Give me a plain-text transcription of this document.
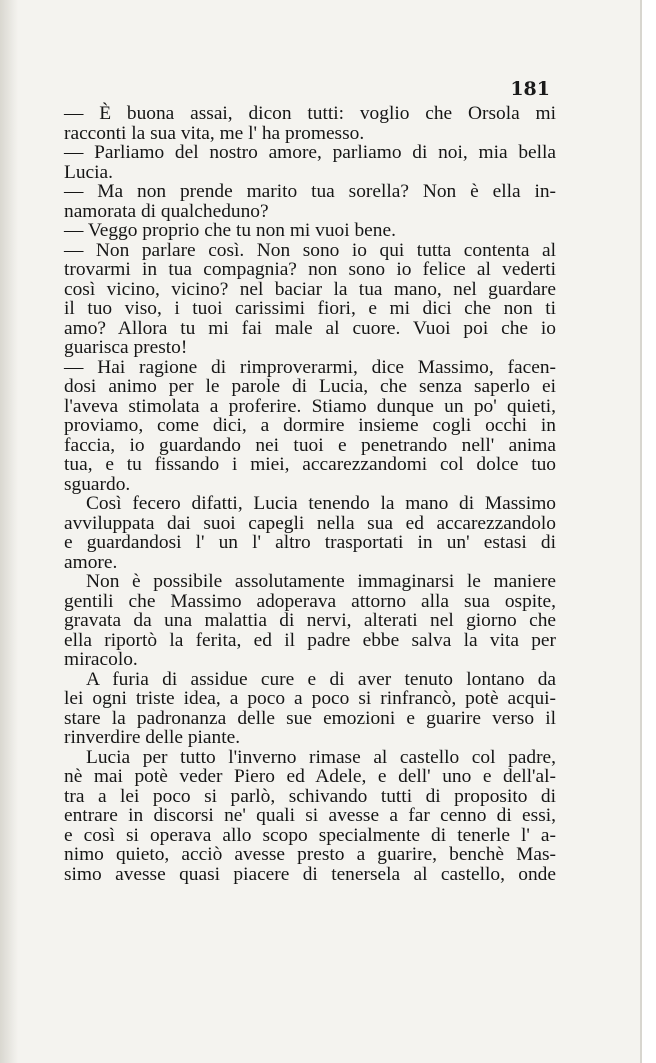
181

— È buona assai, dicon tutti: voglio che Orsola mi

racconti la sua vita, me l' ha promesso.

— Parliamo del nostro amore, parliamo di noi, mia bella

Lucia.

— Ma non prende marito tua sorella? Non è ella in-

namorata di qualcheduno?

— Veggo proprio che tu non mi vuoi bene.

— Non parlare così. Non sono io qui tutta contenta al

trovarmi in tua compagnia? non sono io felice al vederti

così vicino, vicino? nel baciar la tua mano, nel guardare

il tuo viso, i tuoi carissimi fiori, e mi dici che non ti

amo? Allora tu mi fai male al cuore. Vuoi poi che io

guarisca presto!

— Hai ragione di rimproverarmi, dice Massimo, facen-

dosi animo per le parole di Lucia, che senza saperlo ei

l'aveva stimolata a proferire. Stiamo dunque un po' quieti,

proviamo, come dici, a dormire insieme cogli occhi in

faccia, io guardando nei tuoi e penetrando nell' anima

tua, e tu fissando i miei, accarezzandomi col dolce tuo

sguardo.

Così fecero difatti, Lucia tenendo la mano di Massimo

avviluppata dai suoi capegli nella sua ed accarezzandolo

e guardandosi l' un l' altro trasportati in un' estasi di

amore.

Non è possibile assolutamente immaginarsi le maniere

gentili che Massimo adoperava attorno alla sua ospite,

gravata da una malattia di nervi, alterati nel giorno che

ella riportò la ferita, ed il padre ebbe salva la vita per

miracolo.

A furia di assidue cure e di aver tenuto lontano da

lei ogni triste idea, a poco a poco si rinfrancò, potè acqui-

stare la padronanza delle sue emozioni e guarire verso il

rinverdire delle piante.

Lucia per tutto l'inverno rimase al castello col padre,

nè mai potè veder Piero ed Adele, e dell' uno e dell'al-

tra a lei poco si parlò, schivando tutti di proposito di

entrare in discorsi ne' quali si avesse a far cenno di essi,

e così si operava allo scopo specialmente di tenerle l' a-

nimo quieto, acciò avesse presto a guarire, benchè Mas-

simo avesse quasi piacere di tenersela al castello, onde
